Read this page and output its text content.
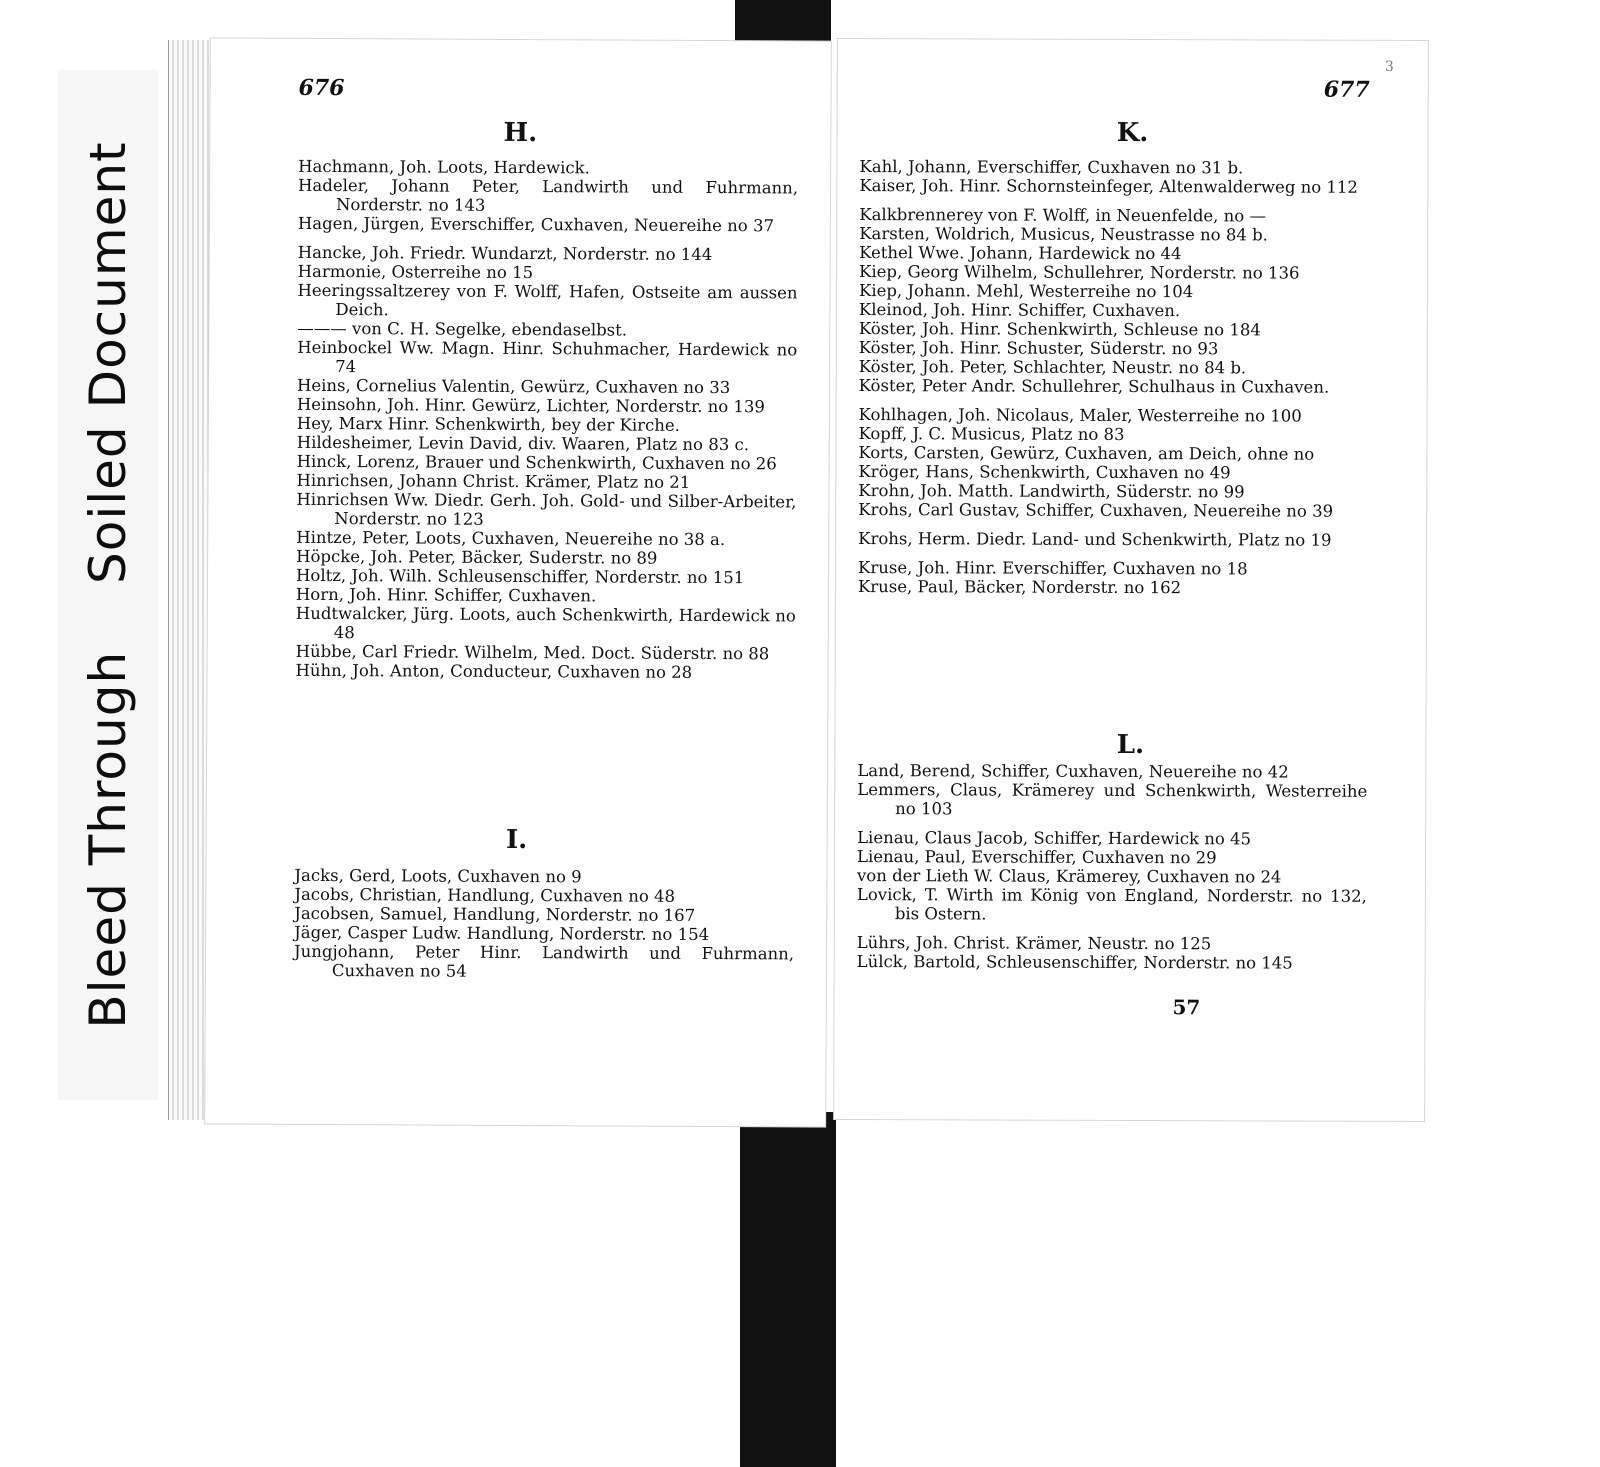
Bleed Through Soiled Document
676
H.
Hachmann, Joh. Loots, Hardewick.
Hadeler, Johann Peter, Landwirth und Fuhrmann, Norderstr. no 143
Hagen, Jürgen, Everschiffer, Cuxhaven, Neuereihe no 37
Hancke, Joh. Friedr. Wundarzt, Norderstr. no 144
Harmonie, Osterreihe no 15
Heeringssaltzerey von F. Wolff, Hafen, Ostseite am aussen Deich.
——— von C. H. Segelke, ebendaselbst.
Heinbockel Ww. Magn. Hinr. Schuhmacher, Hardewick no 74
Heins, Cornelius Valentin, Gewürz, Cuxhaven no 33
Heinsohn, Joh. Hinr. Gewürz, Lichter, Norderstr. no 139
Hey, Marx Hinr. Schenkwirth, bey der Kirche.
Hildesheimer, Levin David, div. Waaren, Platz no 83 c.
Hinck, Lorenz, Brauer und Schenkwirth, Cuxhaven no 26
Hinrichsen, Johann Christ. Krämer, Platz no 21
Hinrichsen Ww. Diedr. Gerh. Joh. Gold- und Silber-Arbeiter, Norderstr. no 123
Hintze, Peter, Loots, Cuxhaven, Neuereihe no 38 a.
Höpcke, Joh. Peter, Bäcker, Suderstr. no 89
Holtz, Joh. Wilh. Schleusenschiffer, Norderstr. no 151
Horn, Joh. Hinr. Schiffer, Cuxhaven.
Hudtwalcker, Jürg. Loots, auch Schenkwirth, Hardewick no 48
Hübbe, Carl Friedr. Wilhelm, Med. Doct. Süderstr. no 88
Hühn, Joh. Anton, Conducteur, Cuxhaven no 28
I.
Jacks, Gerd, Loots, Cuxhaven no 9
Jacobs, Christian, Handlung, Cuxhaven no 48
Jacobsen, Samuel, Handlung, Norderstr. no 167
Jäger, Casper Ludw. Handlung, Norderstr. no 154
Jungjohann, Peter Hinr. Landwirth und Fuhrmann, Cuxhaven no 54
3
677
K.
Kahl, Johann, Everschiffer, Cuxhaven no 31 b.
Kaiser, Joh. Hinr. Schornsteinfeger, Altenwalderweg no 112
Kalkbrennerey von F. Wolff, in Neuenfelde, no —
Karsten, Woldrich, Musicus, Neustrasse no 84 b.
Kethel Wwe. Johann, Hardewick no 44
Kiep, Georg Wilhelm, Schullehrer, Norderstr. no 136
Kiep, Johann. Mehl, Westerreihe no 104
Kleinod, Joh. Hinr. Schiffer, Cuxhaven.
Köster, Joh. Hinr. Schenkwirth, Schleuse no 184
Köster, Joh. Hinr. Schuster, Süderstr. no 93
Köster, Joh. Peter, Schlachter, Neustr. no 84 b.
Köster, Peter Andr. Schullehrer, Schulhaus in Cuxhaven.
Kohlhagen, Joh. Nicolaus, Maler, Westerreihe no 100
Kopff, J. C. Musicus, Platz no 83
Korts, Carsten, Gewürz, Cuxhaven, am Deich, ohne no
Kröger, Hans, Schenkwirth, Cuxhaven no 49
Krohn, Joh. Matth. Landwirth, Süderstr. no 99
Krohs, Carl Gustav, Schiffer, Cuxhaven, Neuereihe no 39
Krohs, Herm. Diedr. Land- und Schenkwirth, Platz no 19
Kruse, Joh. Hinr. Everschiffer, Cuxhaven no 18
Kruse, Paul, Bäcker, Norderstr. no 162
L.
Land, Berend, Schiffer, Cuxhaven, Neuereihe no 42
Lemmers, Claus, Krämerey und Schenkwirth, Westerreihe no 103
Lienau, Claus Jacob, Schiffer, Hardewick no 45
Lienau, Paul, Everschiffer, Cuxhaven no 29
von der Lieth W. Claus, Krämerey, Cuxhaven no 24
Lovick, T. Wirth im König von England, Norderstr. no 132, bis Ostern.
Lührs, Joh. Christ. Krämer, Neustr. no 125
Lülck, Bartold, Schleusenschiffer, Norderstr. no 145
57
